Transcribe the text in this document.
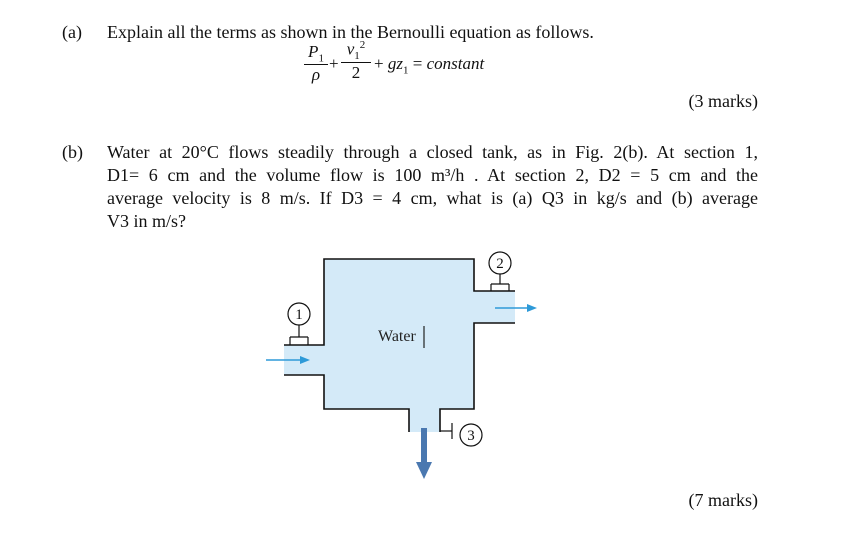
(a) Explain all the terms as shown in the Bernoulli equation as follows.
$\frac{P_1}{\rho} + \frac{v_1^2}{2} + gz_1$ = constant
(3 marks)
(b) Water at 20°C flows steadily through a closed tank, as in Fig. 2(b). At section 1,
D1= 6 cm and the volume flow is 100 m³/h . At section 2, D2 = 5 cm and the
average velocity is 8 m/s. If D3 = 4 cm, what is (a) Q3 in kg/s and (b) average
V3 in m/s?
1
2
3
Water
(7 marks)
